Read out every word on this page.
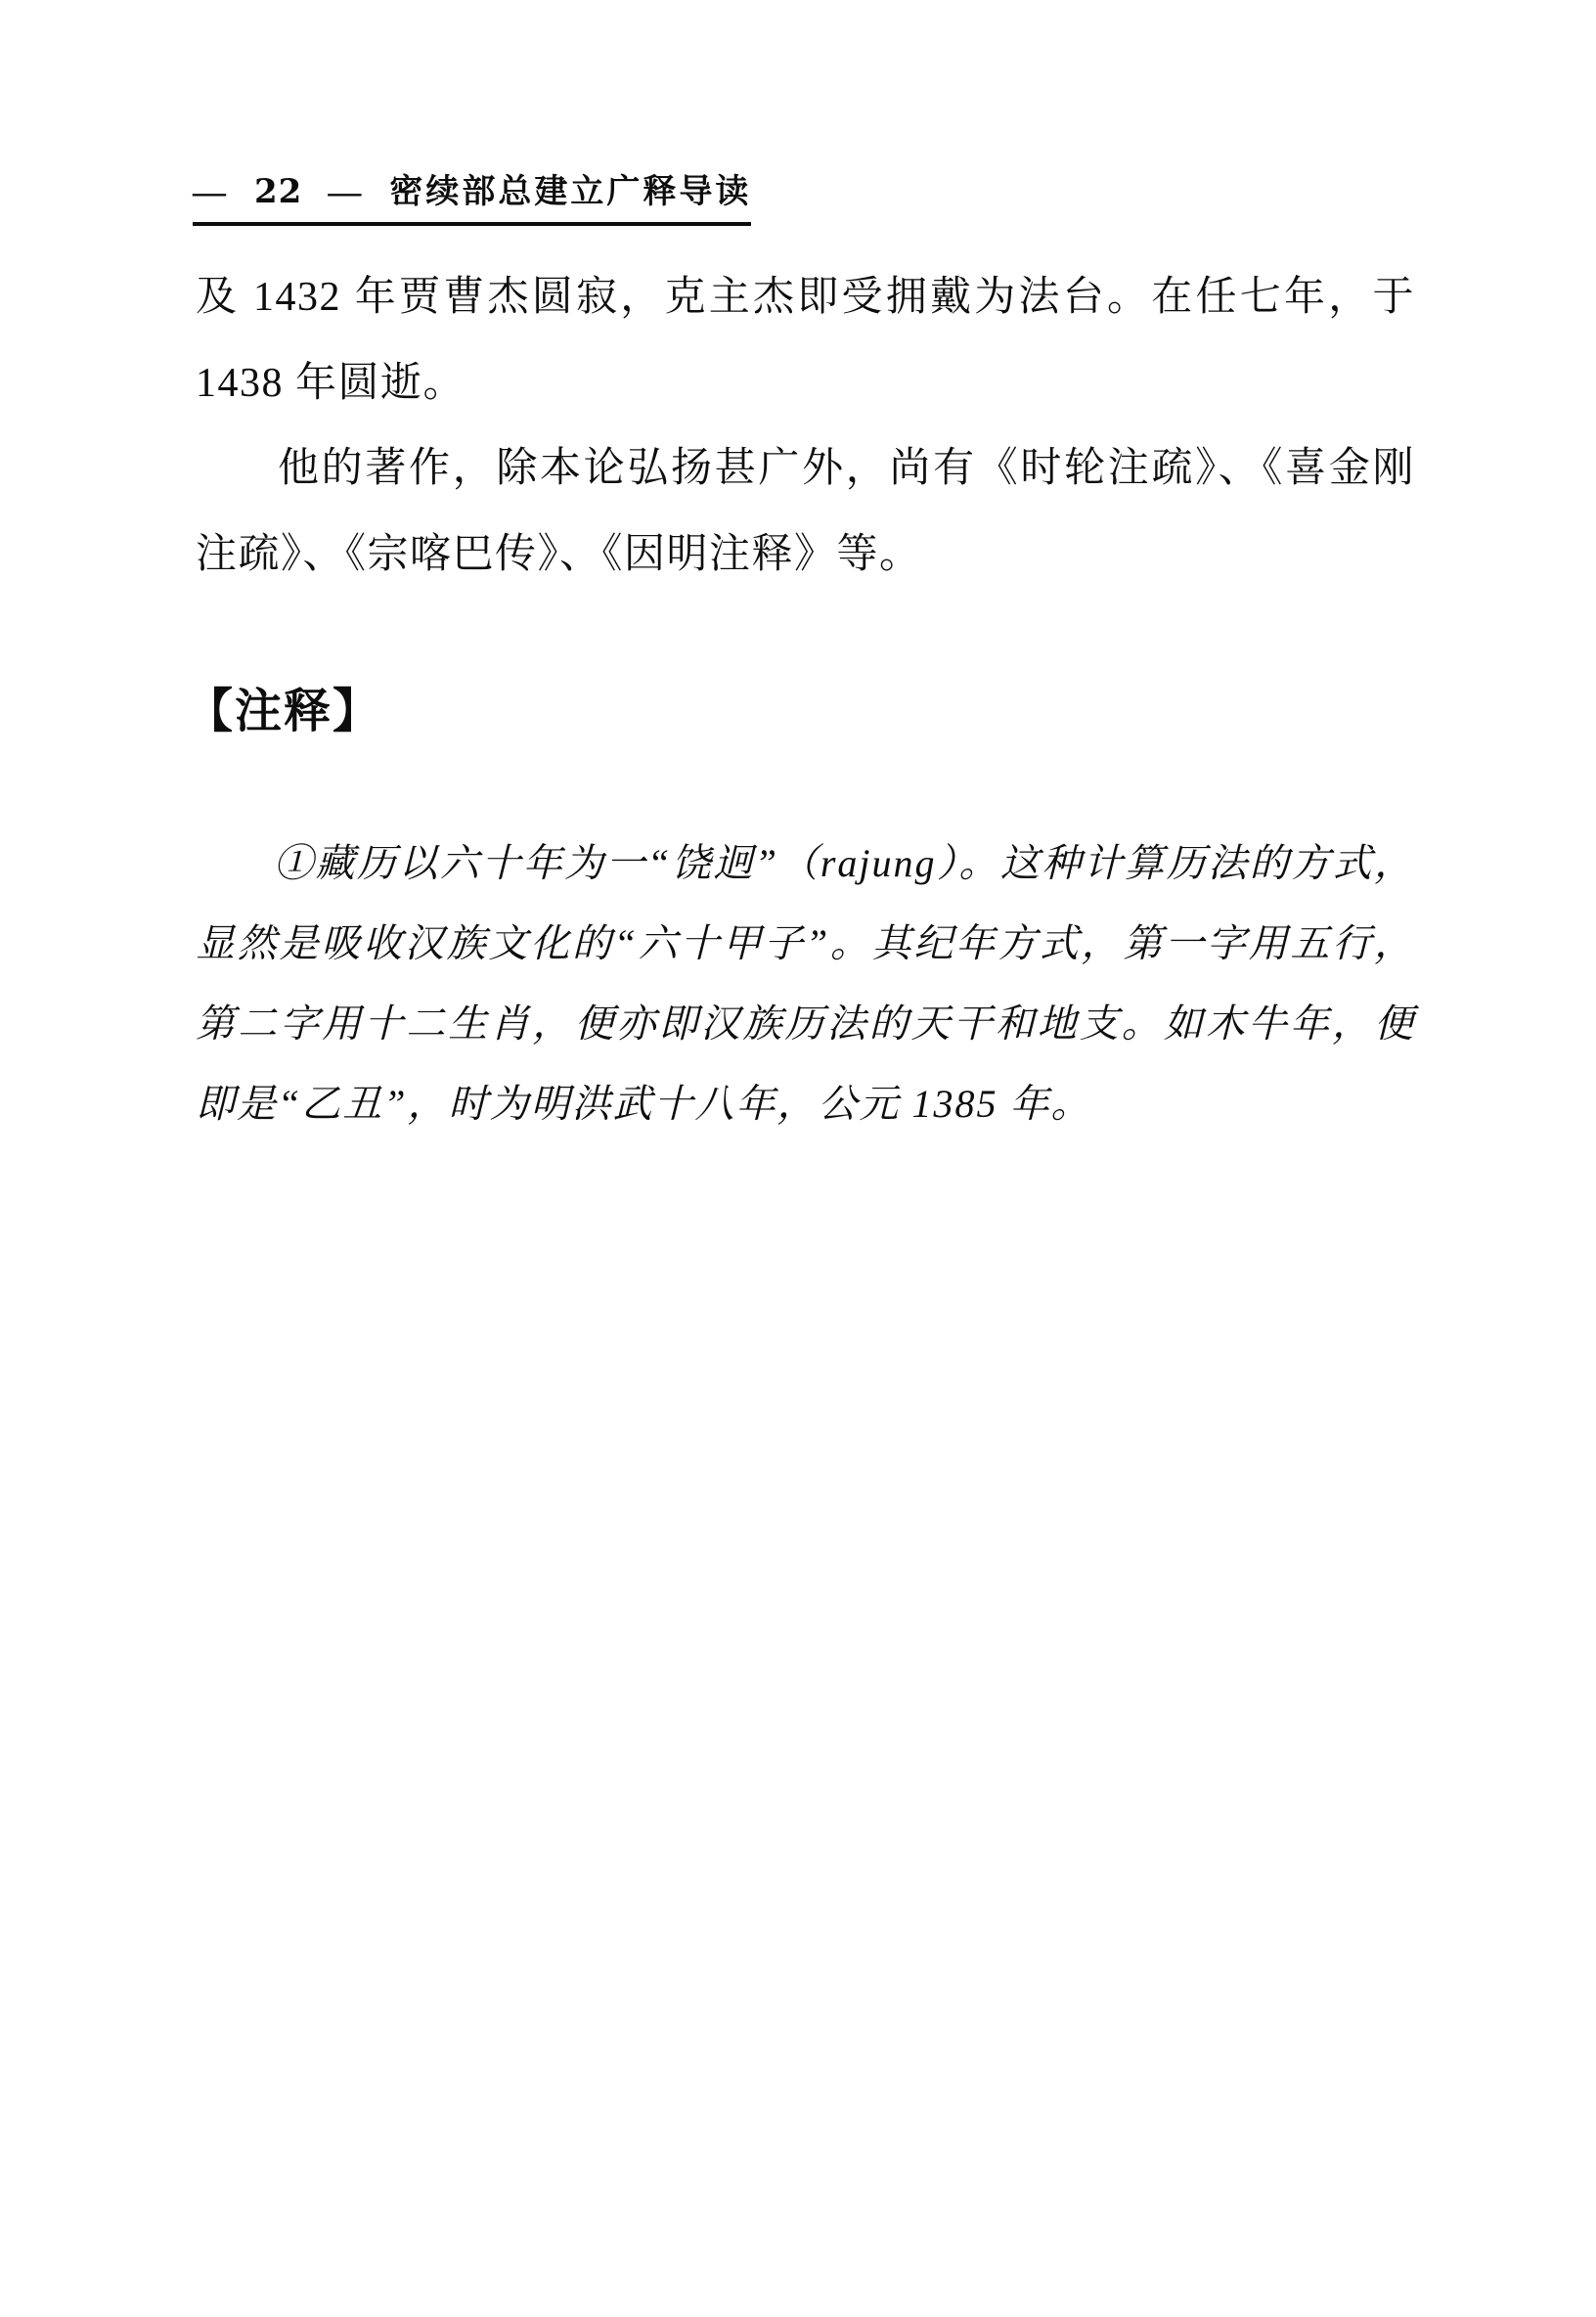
— 22 — 密续部总建立广释导读

及 1432 年贾曹杰圆寂，克主杰即受拥戴为法台。在任七年，于 1438 年圆逝。

他的著作，除本论弘扬甚广外，尚有《时轮注疏》、《喜金刚注疏》、《宗喀巴传》、《因明注释》等。

【注释】

①藏历以六十年为一“饶迥”（rajung）。这种计算历法的方式，显然是吸收汉族文化的“六十甲子”。其纪年方式，第一字用五行，第二字用十二生肖，便亦即汉族历法的天干和地支。如木牛年，便即是“乙丑”，时为明洪武十八年，公元 1385 年。
